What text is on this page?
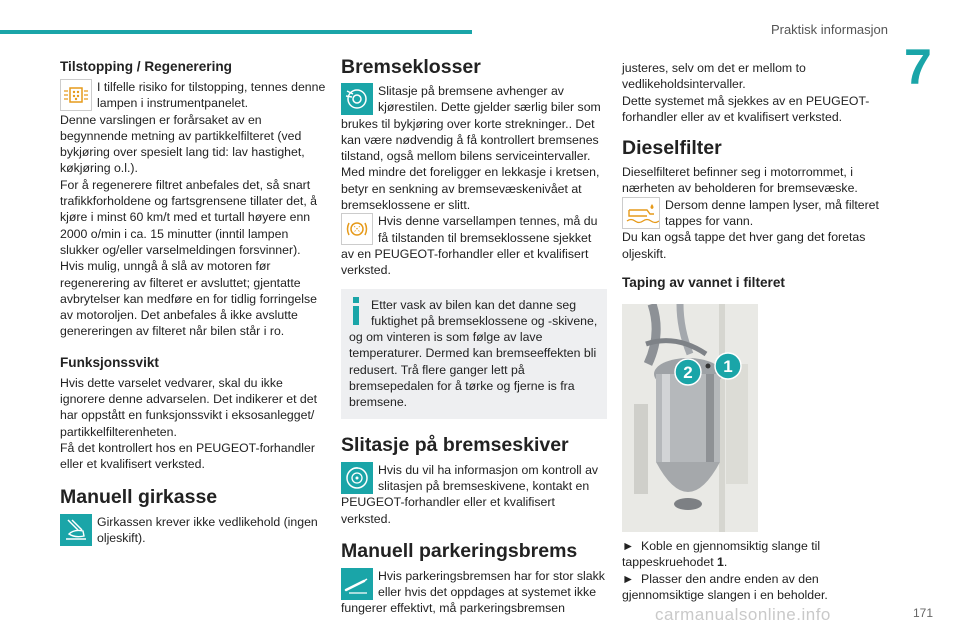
Praktisk informasjon
7
Tilstopping / Regenerering

I tilfelle risiko for tilstopping, tennes denne lampen i instrumentpanelet.

Denne varslingen er forårsaket av en begynnende metning av partikkelfilteret (ved bykjøring over spesielt lang tid: lav hastighet, køkjøring o.l.).
For å regenerere filtret anbefales det, så snart trafikkforholdene og fartsgrensene tillater det, å kjøre i minst 60 km/t med et turtall høyere enn 2000 o/min i ca. 15 minutter (inntil lampen slukker og/eller varselmeldingen forsvinner).
Hvis mulig, unngå å slå av motoren før regenerering av filteret er avsluttet; gjentatte avbrytelser kan medføre en for tidlig forringelse av motoroljen. Det anbefales å ikke avslutte genereringen av filteret når bilen står i ro.

Funksjonssvikt

Hvis dette varselet vedvarer, skal du ikke ignorere denne advarselen. Det indikerer et det har oppstått en funksjonssvikt i eksosanlegget/ partikkelfilterenheten.
Få det kontrollert hos en PEUGEOT-forhandler eller et kvalifisert verksted.

Manuell girkasse

Girkassen krever ikke vedlikehold (ingen oljeskift).

Bremseklosser

Slitasje på bremsene avhenger av kjørestilen. Dette gjelder særlig biler som brukes til bykjøring over korte strekninger.. Det kan være nødvendig å få kontrollert bremsenes tilstand, også mellom bilens serviceintervaller.
Med mindre det foreligger en lekkasje i kretsen, betyr en senkning av bremsevæskenivået at bremseklossene er slitt.

Hvis denne varsellampen tennes, må du få tilstanden til bremseklossene sjekket av en PEUGEOT-forhandler eller et kvalifisert verksted.

Etter vask av bilen kan det danne seg fuktighet på bremseklossene og -skivene, og om vinteren is som følge av lave temperaturer. Dermed kan bremseeffekten bli redusert. Trå flere ganger lett på bremsepedalen for å tørke og fjerne is fra bremsene.

Slitasje på bremseskiver

Hvis du vil ha informasjon om kontroll av slitasjen på bremseskivene, kontakt en PEUGEOT-forhandler eller et kvalifisert verksted.

Manuell parkeringsbrems

Hvis parkeringsbremsen har for stor slakk eller hvis det oppdages at systemet ikke fungerer effektivt, må parkeringsbremsen

justeres, selv om det er mellom to vedlikeholdsintervaller.
Dette systemet må sjekkes av en PEUGEOT-forhandler eller av et kvalifisert verksted.

Dieselfilter

Dieselfilteret befinner seg i motorrommet, i nærheten av beholderen for bremsevæske.

Dersom denne lampen lyser, må filteret tappes for vann.

Du kan også tappe det hver gang det foretas oljeskift.

Taping av vannet i filteret
1
2

► Koble en gjennomsiktig slange til tappeskruehodet 1.

► Plasser den andre enden av den gjennomsiktige slangen i en beholder.

carmanualsonline.info	171
